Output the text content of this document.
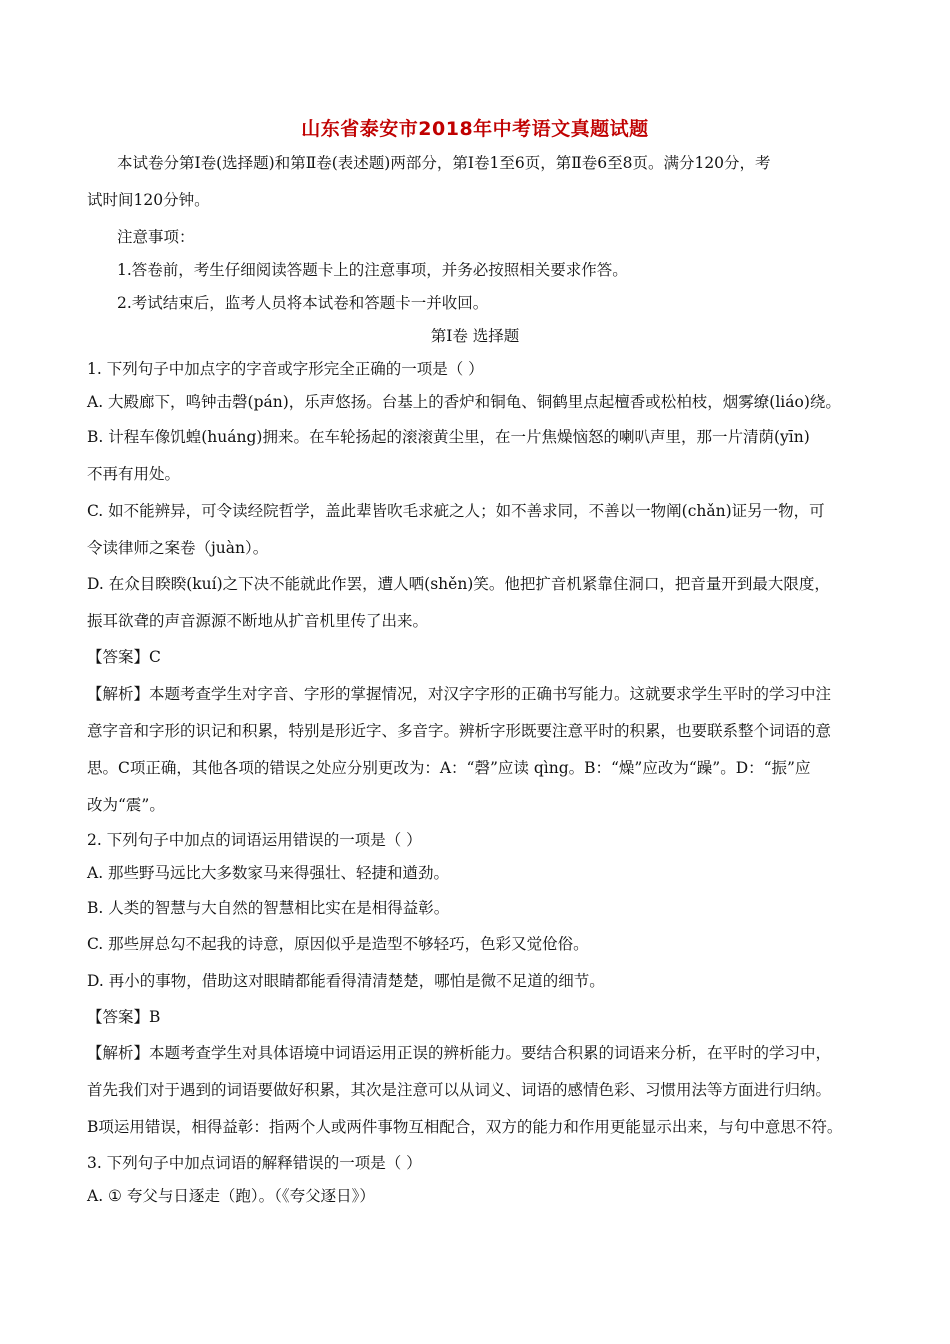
山东省泰安市2018年中考语文真题试题
本试卷分第Ⅰ卷(选择题)和第Ⅱ卷(表述题)两部分，第Ⅰ卷1至6页，第Ⅱ卷6至8页。满分120分，考
试时间120分钟。
注意事项：
1.答卷前，考生仔细阅读答题卡上的注意事项，并务必按照相关要求作答。
2.考试结束后，监考人员将本试卷和答题卡一并收回。
第Ⅰ卷 选择题
1. 下列句子中加点字的字音或字形完全正确的一项是（ ）
A. 大殿廊下，鸣钟击磬(pán)，乐声悠扬。台基上的香炉和铜龟、铜鹤里点起檀香或松柏枝，烟雾缭(liáo)绕。
B. 计程车像饥蝗(huáng)拥来。在车轮扬起的滚滚黄尘里，在一片焦燥恼怒的喇叭声里，那一片清荫(yīn)
不再有用处。
C. 如不能辨异，可令读经院哲学，盖此辈皆吹毛求疵之人；如不善求同，不善以一物阐(chǎn)证另一物，可
令读律师之案卷（juàn）。
D. 在众目睽睽(kuí)之下决不能就此作罢，遭人哂(shěn)笑。他把扩音机紧靠住洞口，把音量开到最大限度，
振耳欲聋的声音源源不断地从扩音机里传了出来。
【答案】C
【解析】本题考查学生对字音、字形的掌握情况，对汉字字形的正确书写能力。这就要求学生平时的学习中注
意字音和字形的识记和积累，特别是形近字、多音字。辨析字形既要注意平时的积累，也要联系整个词语的意
思。C项正确，其他各项的错误之处应分别更改为：A：“磬”应读 qìng。B：“燥”应改为“躁”。D：“振”应
改为“震”。
2. 下列句子中加点的词语运用错误的一项是（ ）
A. 那些野马远比大多数家马来得强壮、轻捷和遒劲。
B. 人类的智慧与大自然的智慧相比实在是相得益彰。
C. 那些屏总勾不起我的诗意，原因似乎是造型不够轻巧，色彩又觉伧俗。
D. 再小的事物，借助这对眼睛都能看得清清楚楚，哪怕是微不足道的细节。
【答案】B
【解析】本题考查学生对具体语境中词语运用正误的辨析能力。要结合积累的词语来分析，在平时的学习中，
首先我们对于遇到的词语要做好积累，其次是注意可以从词义、词语的感情色彩、习惯用法等方面进行归纳。
B项运用错误，相得益彰：指两个人或两件事物互相配合，双方的能力和作用更能显示出来，与句中意思不符。
3. 下列句子中加点词语的解释错误的一项是（ ）
A. ① 夸父与日逐走（跑）。（《夸父逐日》）
